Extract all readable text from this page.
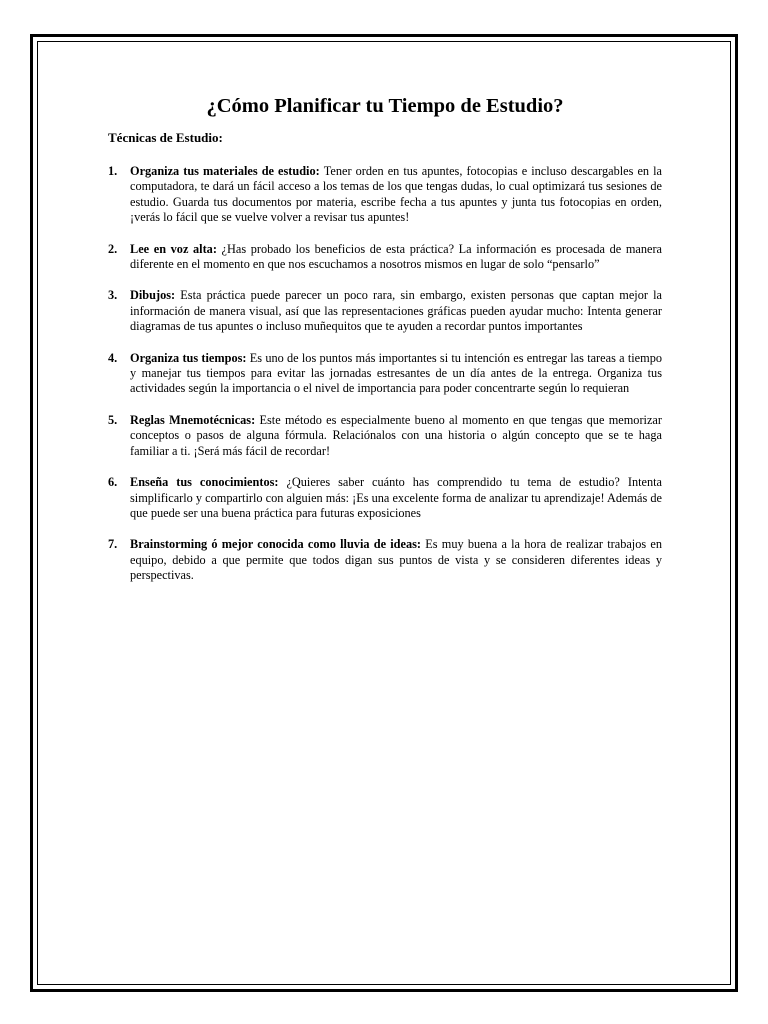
¿Cómo Planificar tu Tiempo de Estudio?

Técnicas de Estudio:

1. Organiza tus materiales de estudio: Tener orden en tus apuntes, fotocopias e incluso descargables en la computadora, te dará un fácil acceso a los temas de los que tengas dudas, lo cual optimizará tus sesiones de estudio. Guarda tus documentos por materia, escribe fecha a tus apuntes y junta tus fotocopias en orden, ¡verás lo fácil que se vuelve volver a revisar tus apuntes!
2. Lee en voz alta: ¿Has probado los beneficios de esta práctica? La información es procesada de manera diferente en el momento en que nos escuchamos a nosotros mismos en lugar de solo “pensarlo”
3. Dibujos: Esta práctica puede parecer un poco rara, sin embargo, existen personas que captan mejor la información de manera visual, así que las representaciones gráficas pueden ayudar mucho: Intenta generar diagramas de tus apuntes o incluso muñequitos que te ayuden a recordar puntos importantes
4. Organiza tus tiempos: Es uno de los puntos más importantes si tu intención es entregar las tareas a tiempo y manejar tus tiempos para evitar las jornadas estresantes de un día antes de la entrega. Organiza tus actividades según la importancia o el nivel de importancia para poder concentrarte según lo requieran
5. Reglas Mnemotécnicas: Este método es especialmente bueno al momento en que tengas que memorizar conceptos o pasos de alguna fórmula. Relaciónalos con una historia o algún concepto que se te haga familiar a ti. ¡Será más fácil de recordar!
6. Enseña tus conocimientos: ¿Quieres saber cuánto has comprendido tu tema de estudio? Intenta simplificarlo y compartirlo con alguien más: ¡Es una excelente forma de analizar tu aprendizaje! Además de que puede ser una buena práctica para futuras exposiciones
7. Brainstorming ó mejor conocida como lluvia de ideas: Es muy buena a la hora de realizar trabajos en equipo, debido a que permite que todos digan sus puntos de vista y se consideren diferentes ideas y perspectivas.
